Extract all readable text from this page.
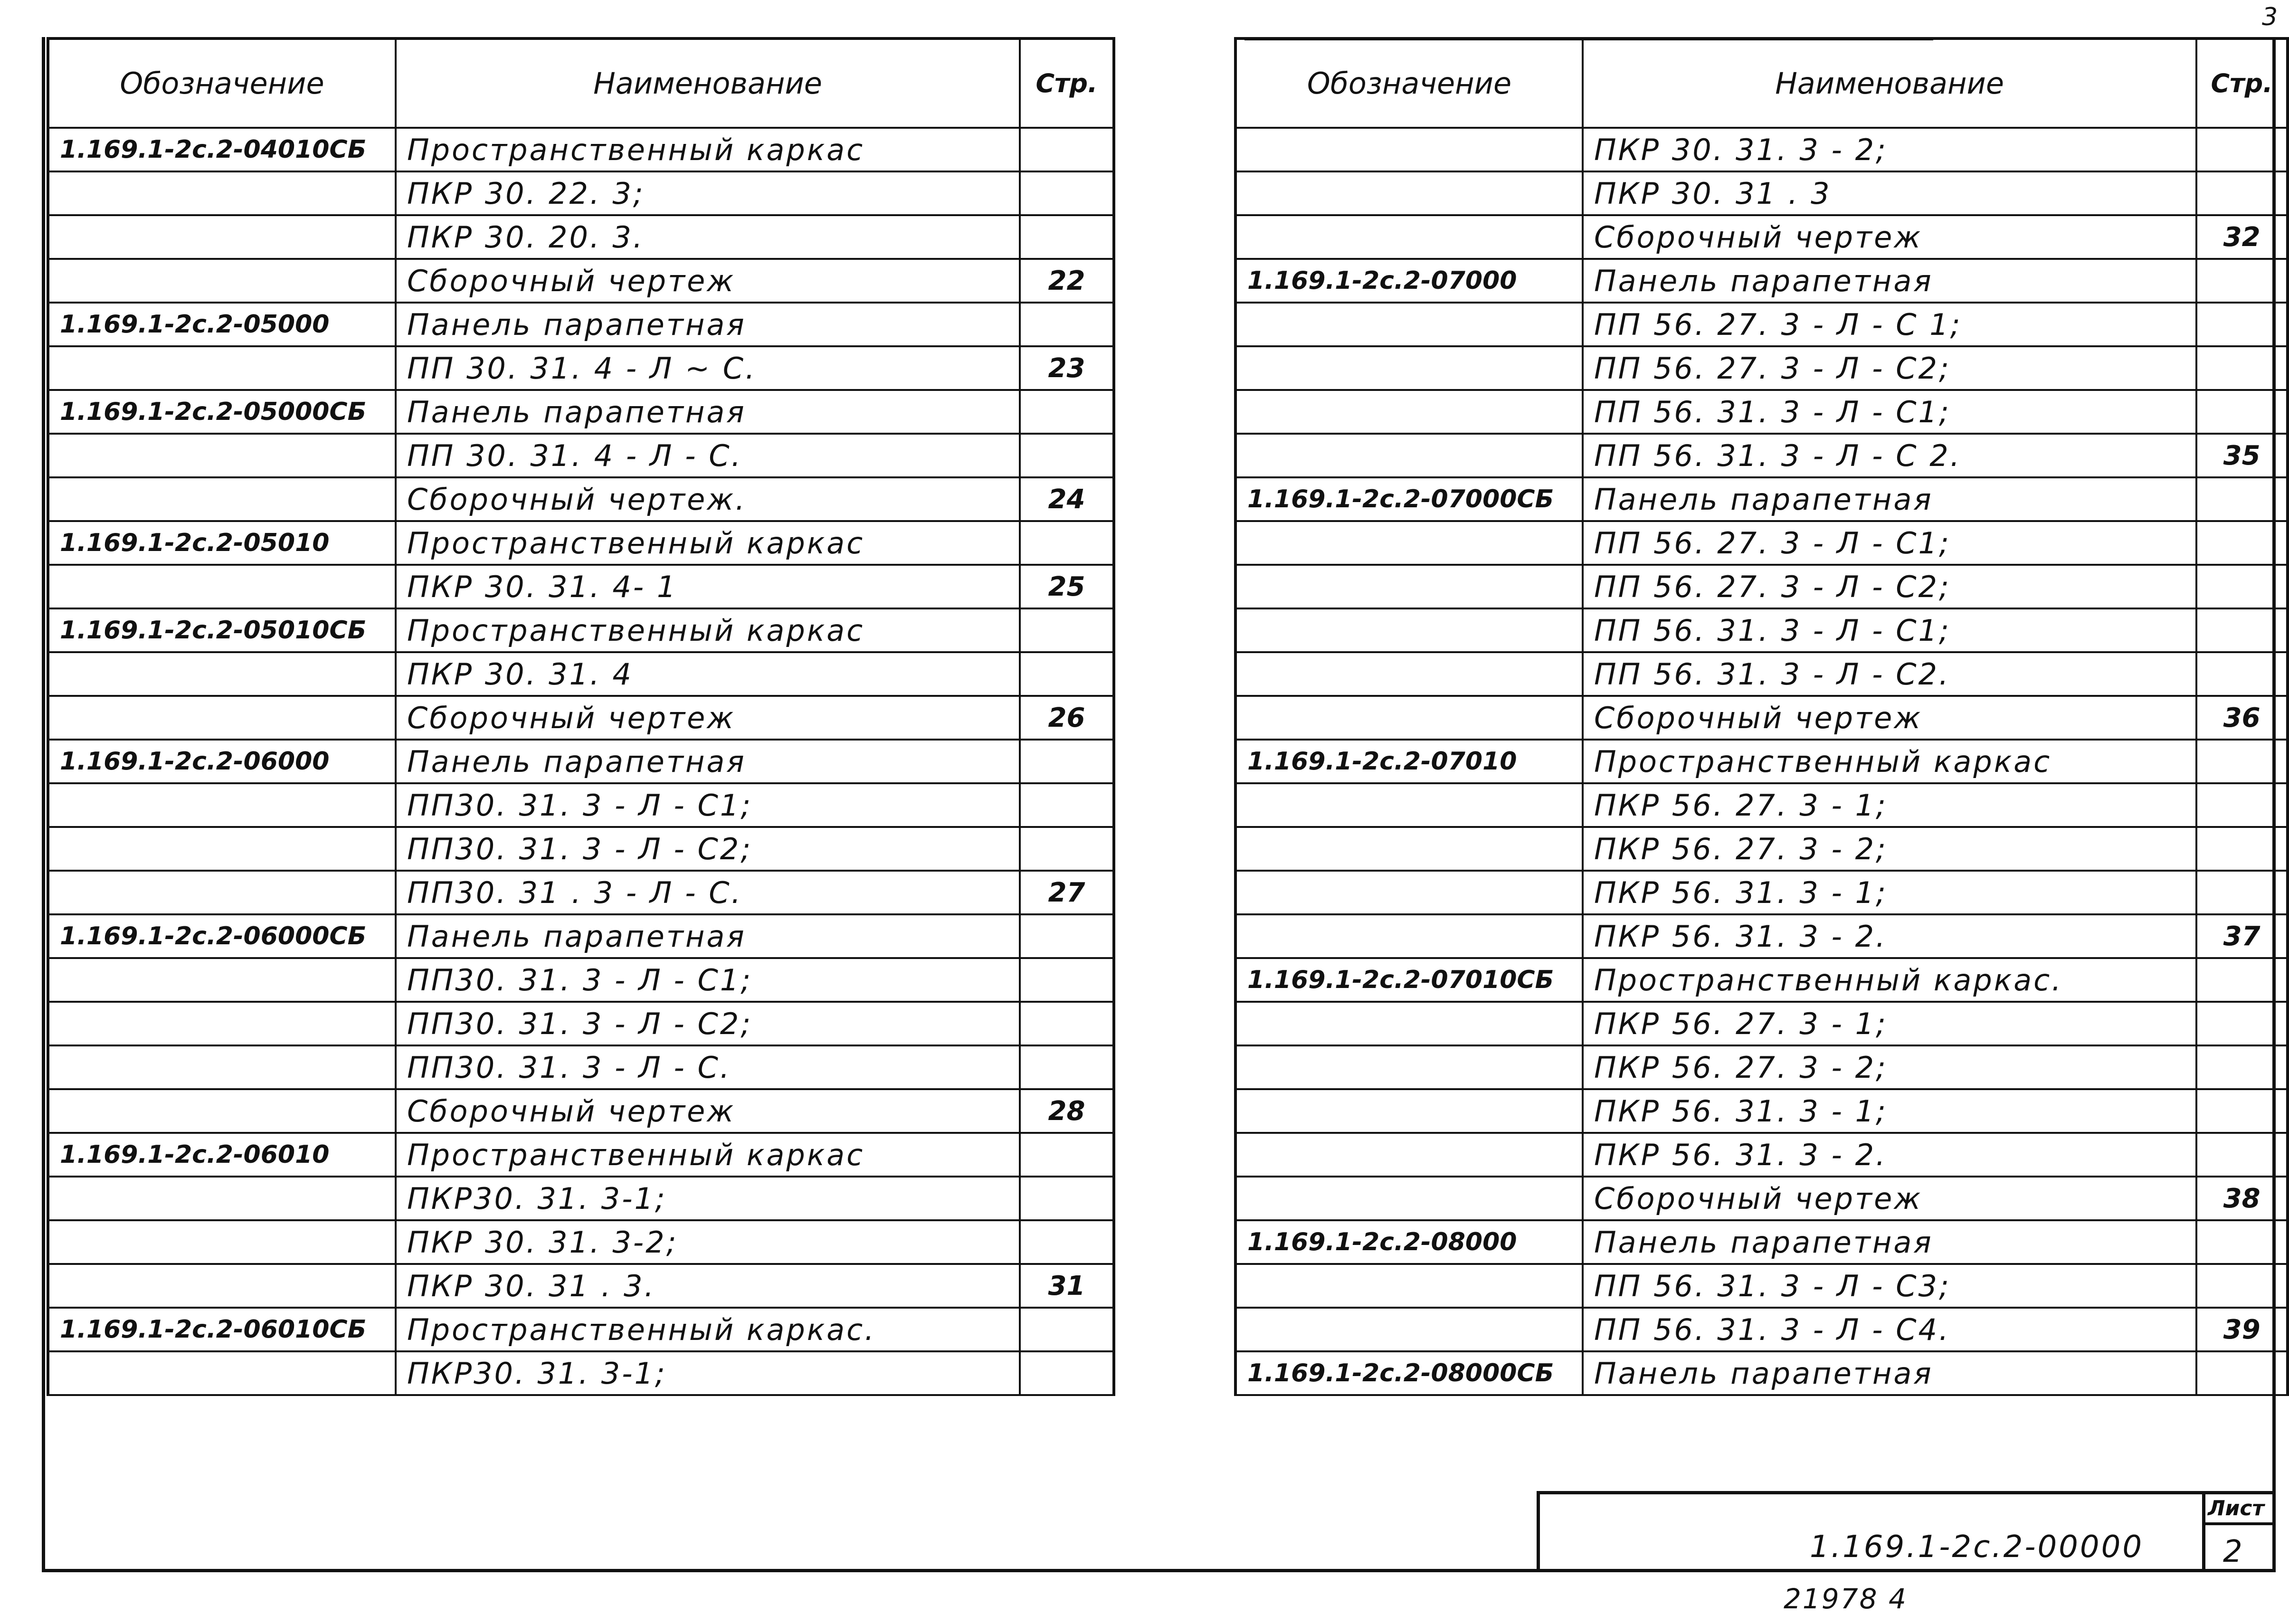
3
Обозначение	Наименование	Стр.
1.169.1-2с.2-04010СБ	Пространственный каркас	
	ПКР 30. 22. 3;	
	ПКР 30. 20. 3.	
	Сборочный чертеж	22
1.169.1-2с.2-05000	Панель парапетная	
	ПП 30. 31. 4 - Л ~ С.	23
1.169.1-2с.2-05000СБ	Панель парапетная	
	ПП 30. 31. 4 - Л - С.	
	Сборочный чертеж.	24
1.169.1-2с.2-05010	Пространственный каркас	
	ПКР 30. 31. 4- 1	25
1.169.1-2с.2-05010СБ	Пространственный каркас	
	ПКР 30. 31. 4	
	Сборочный чертеж	26
1.169.1-2с.2-06000	Панель парапетная	
	ПП30. 31. 3 - Л - С1;	
	ПП30. 31. 3 - Л - С2;	
	ПП30. 31 . 3 - Л - С.	27
1.169.1-2с.2-06000СБ	Панель парапетная	
	ПП30. 31. 3 - Л - С1;	
	ПП30. 31. 3 - Л - С2;	
	ПП30. 31. 3 - Л - С.	
	Сборочный чертеж	28
1.169.1-2с.2-06010	Пространственный каркас	
	ПКР30. 31. 3-1;	
	ПКР 30. 31. 3-2;	
	ПКР 30. 31 . 3.	31
1.169.1-2с.2-06010СБ	Пространственный каркас.	
	ПКР30. 31. 3-1;	
Обозначение	Наименование	Стр.
	ПКР 30. 31. 3 - 2;	
	ПКР 30. 31 . 3	
	Сборочный чертеж	32
1.169.1-2с.2-07000	Панель парапетная	
	ПП 56. 27. 3 - Л - С 1;	
	ПП 56. 27. 3 - Л - С2;	
	ПП 56. 31. 3 - Л - С1;	
	ПП 56. 31. 3 - Л - С 2.	35
1.169.1-2с.2-07000СБ	Панель парапетная	
	ПП 56. 27. 3 - Л - С1;	
	ПП 56. 27. 3 - Л - С2;	
	ПП 56. 31. 3 - Л - С1;	
	ПП 56. 31. 3 - Л - С2.	
	Сборочный чертеж	36
1.169.1-2с.2-07010	Пространственный каркас	
	ПКР 56. 27. 3 - 1;	
	ПКР 56. 27. 3 - 2;	
	ПКР 56. 31. 3 - 1;	
	ПКР 56. 31. 3 - 2.	37
1.169.1-2с.2-07010СБ	Пространственный каркас.	
	ПКР 56. 27. 3 - 1;	
	ПКР 56. 27. 3 - 2;	
	ПКР 56. 31. 3 - 1;	
	ПКР 56. 31. 3 - 2.	
	Сборочный чертеж	38
1.169.1-2с.2-08000	Панель парапетная	
	ПП 56. 31. 3 - Л - С3;	
	ПП 56. 31. 3 - Л - С4.	39
1.169.1-2с.2-08000СБ	Панель парапетная	
1.169.1-2с.2-00000
Лист
2
21978 4
